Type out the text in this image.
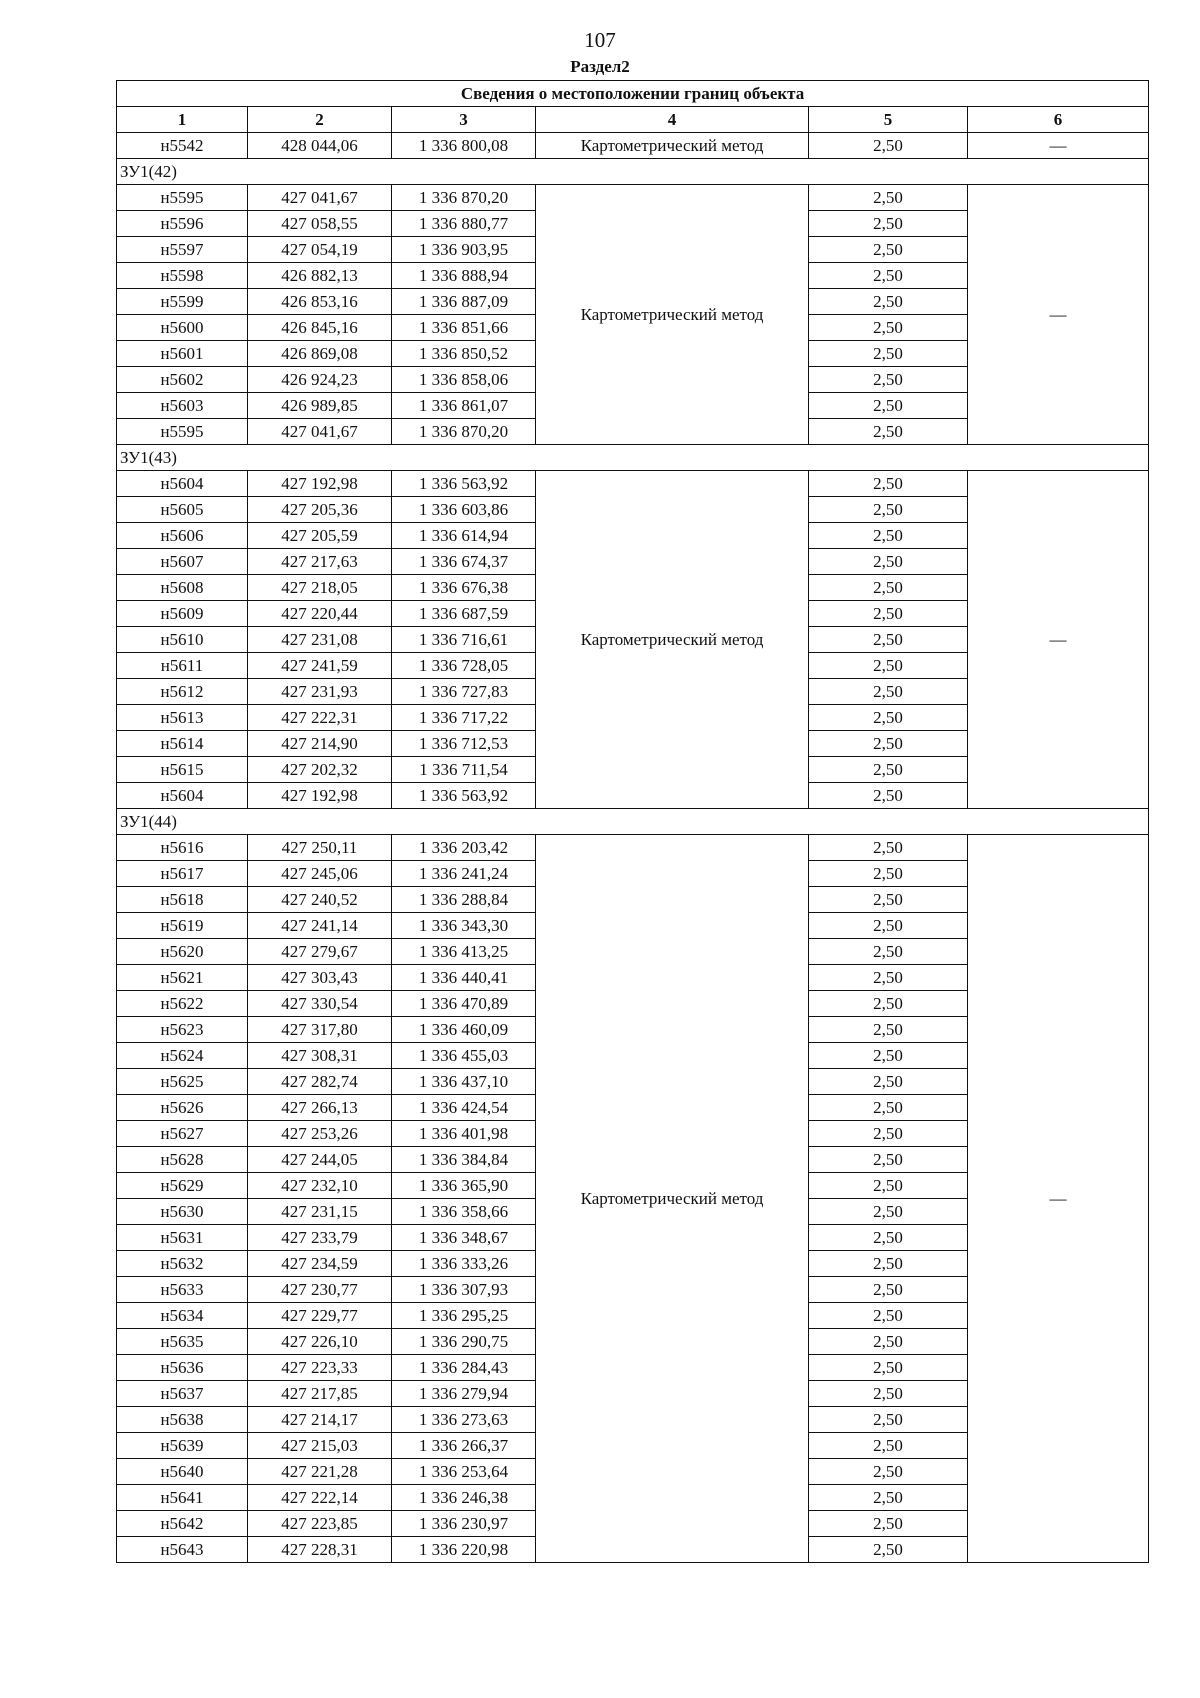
107
Раздел2
Сведения о местоположении границ объекта					
1	2	3	4	5	6
н5542	428 044,06	1 336 800,08	Картометрический метод	2,50	—
ЗУ1(42)					
н5595	427 041,67	1 336 870,20	Картометрический метод	2,50	—
н5596	427 058,55	1 336 880,77		2,50	
н5597	427 054,19	1 336 903,95		2,50	
н5598	426 882,13	1 336 888,94		2,50	
н5599	426 853,16	1 336 887,09		2,50	
н5600	426 845,16	1 336 851,66		2,50	
н5601	426 869,08	1 336 850,52		2,50	
н5602	426 924,23	1 336 858,06		2,50	
н5603	426 989,85	1 336 861,07		2,50	
н5595	427 041,67	1 336 870,20		2,50	
ЗУ1(43)					
н5604	427 192,98	1 336 563,92	Картометрический метод	2,50	—
н5605	427 205,36	1 336 603,86		2,50	
н5606	427 205,59	1 336 614,94		2,50	
н5607	427 217,63	1 336 674,37		2,50	
н5608	427 218,05	1 336 676,38		2,50	
н5609	427 220,44	1 336 687,59		2,50	
н5610	427 231,08	1 336 716,61		2,50	
н5611	427 241,59	1 336 728,05		2,50	
н5612	427 231,93	1 336 727,83		2,50	
н5613	427 222,31	1 336 717,22		2,50	
н5614	427 214,90	1 336 712,53		2,50	
н5615	427 202,32	1 336 711,54		2,50	
н5604	427 192,98	1 336 563,92		2,50	
ЗУ1(44)					
н5616	427 250,11	1 336 203,42	Картометрический метод	2,50	—
н5617	427 245,06	1 336 241,24		2,50	
н5618	427 240,52	1 336 288,84		2,50	
н5619	427 241,14	1 336 343,30		2,50	
н5620	427 279,67	1 336 413,25		2,50	
н5621	427 303,43	1 336 440,41		2,50	
н5622	427 330,54	1 336 470,89		2,50	
н5623	427 317,80	1 336 460,09		2,50	
н5624	427 308,31	1 336 455,03		2,50	
н5625	427 282,74	1 336 437,10		2,50	
н5626	427 266,13	1 336 424,54		2,50	
н5627	427 253,26	1 336 401,98		2,50	
н5628	427 244,05	1 336 384,84		2,50	
н5629	427 232,10	1 336 365,90		2,50	
н5630	427 231,15	1 336 358,66		2,50	
н5631	427 233,79	1 336 348,67		2,50	
н5632	427 234,59	1 336 333,26		2,50	
н5633	427 230,77	1 336 307,93		2,50	
н5634	427 229,77	1 336 295,25		2,50	
н5635	427 226,10	1 336 290,75		2,50	
н5636	427 223,33	1 336 284,43		2,50	
н5637	427 217,85	1 336 279,94		2,50	
н5638	427 214,17	1 336 273,63		2,50	
н5639	427 215,03	1 336 266,37		2,50	
н5640	427 221,28	1 336 253,64		2,50	
н5641	427 222,14	1 336 246,38		2,50	
н5642	427 223,85	1 336 230,97		2,50	
н5643	427 228,31	1 336 220,98		2,50	
